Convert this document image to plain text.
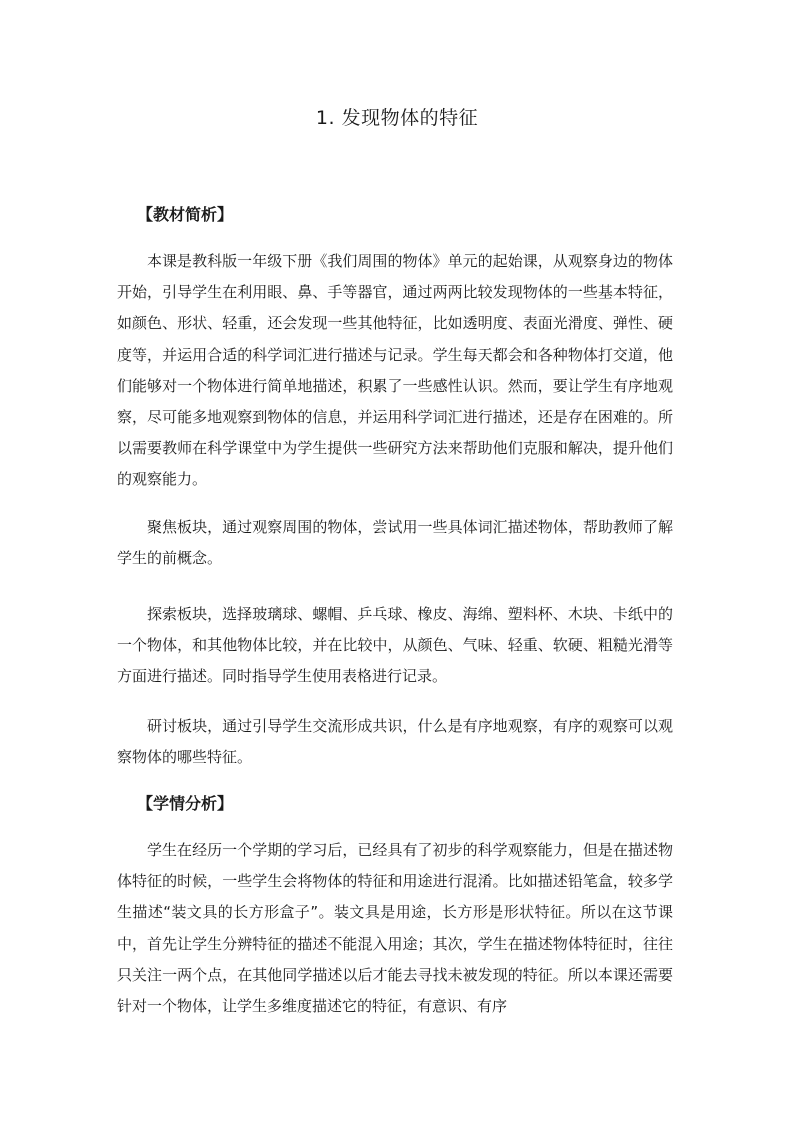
1. 发现物体的特征
【教材简析】

本课是教科版一年级下册《我们周围的物体》单元的起始课，从观察身边的物体开始，引导学生在利用眼、鼻、手等器官，通过两两比较发现物体的一些基本特征，如颜色、形状、轻重，还会发现一些其他特征，比如透明度、表面光滑度、弹性、硬度等，并运用合适的科学词汇进行描述与记录。学生每天都会和各种物体打交道，他们能够对一个物体进行简单地描述，积累了一些感性认识。然而，要让学生有序地观察，尽可能多地观察到物体的信息，并运用科学词汇进行描述，还是存在困难的。所以需要教师在科学课堂中为学生提供一些研究方法来帮助他们克服和解决，提升他们的观察能力。

聚焦板块，通过观察周围的物体，尝试用一些具体词汇描述物体，帮助教师了解学生的前概念。

探索板块，选择玻璃球、螺帽、乒乓球、橡皮、海绵、塑料杯、木块、卡纸中的一个物体，和其他物体比较，并在比较中，从颜色、气味、轻重、软硬、粗糙光滑等方面进行描述。同时指导学生使用表格进行记录。

研讨板块，通过引导学生交流形成共识，什么是有序地观察，有序的观察可以观察物体的哪些特征。

【学情分析】

学生在经历一个学期的学习后，已经具有了初步的科学观察能力，但是在描述物体特征的时候，一些学生会将物体的特征和用途进行混淆。比如描述铅笔盒，较多学生描述“装文具的长方形盒子”。装文具是用途，长方形是形状特征。所以在这节课中，首先让学生分辨特征的描述不能混入用途；其次，学生在描述物体特征时，往往只关注一两个点，在其他同学描述以后才能去寻找未被发现的特征。所以本课还需要针对一个物体，让学生多维度描述它的特征，有意识、有序
